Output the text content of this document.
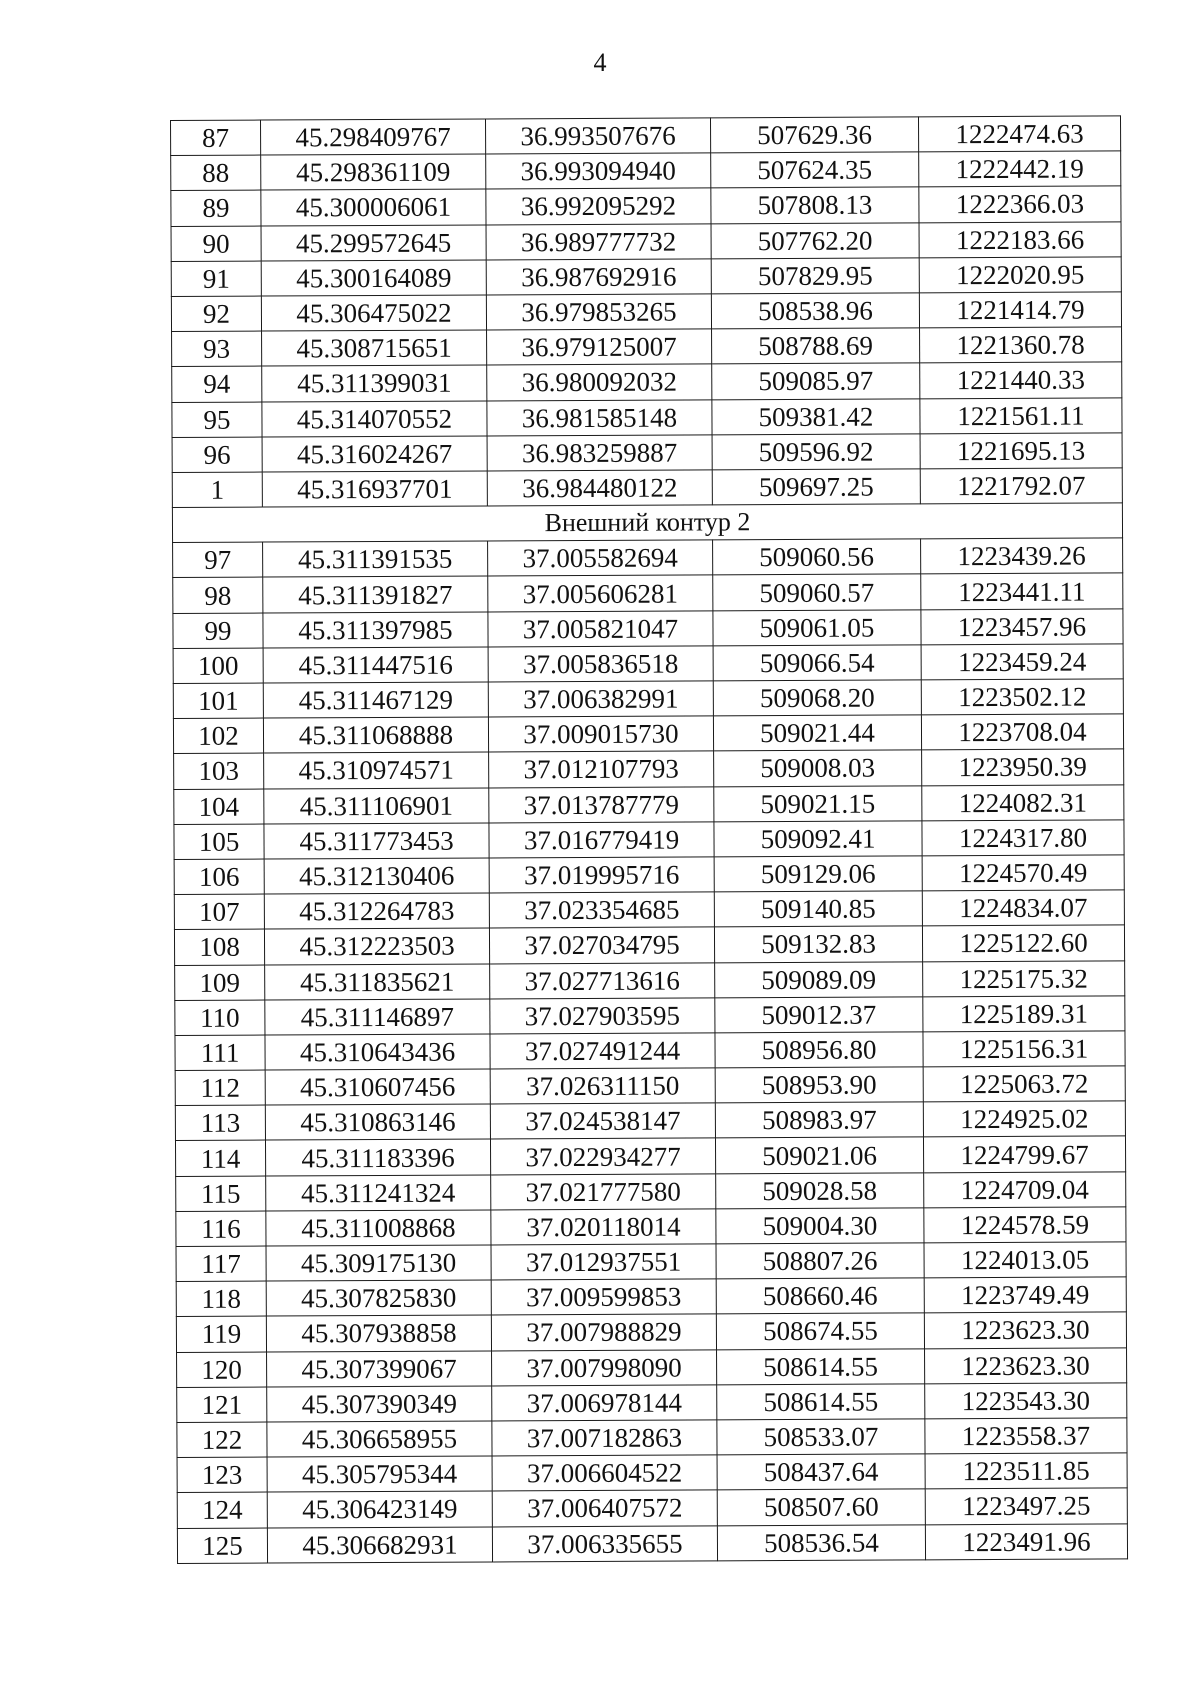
4
87	45.298409767	36.993507676	507629.36	1222474.63
88	45.298361109	36.993094940	507624.35	1222442.19
89	45.300006061	36.992095292	507808.13	1222366.03
90	45.299572645	36.989777732	507762.20	1222183.66
91	45.300164089	36.987692916	507829.95	1222020.95
92	45.306475022	36.979853265	508538.96	1221414.79
93	45.308715651	36.979125007	508788.69	1221360.78
94	45.311399031	36.980092032	509085.97	1221440.33
95	45.314070552	36.981585148	509381.42	1221561.11
96	45.316024267	36.983259887	509596.92	1221695.13
1	45.316937701	36.984480122	509697.25	1221792.07
Внешний контур 2				
97	45.311391535	37.005582694	509060.56	1223439.26
98	45.311391827	37.005606281	509060.57	1223441.11
99	45.311397985	37.005821047	509061.05	1223457.96
100	45.311447516	37.005836518	509066.54	1223459.24
101	45.311467129	37.006382991	509068.20	1223502.12
102	45.311068888	37.009015730	509021.44	1223708.04
103	45.310974571	37.012107793	509008.03	1223950.39
104	45.311106901	37.013787779	509021.15	1224082.31
105	45.311773453	37.016779419	509092.41	1224317.80
106	45.312130406	37.019995716	509129.06	1224570.49
107	45.312264783	37.023354685	509140.85	1224834.07
108	45.312223503	37.027034795	509132.83	1225122.60
109	45.311835621	37.027713616	509089.09	1225175.32
110	45.311146897	37.027903595	509012.37	1225189.31
111	45.310643436	37.027491244	508956.80	1225156.31
112	45.310607456	37.026311150	508953.90	1225063.72
113	45.310863146	37.024538147	508983.97	1224925.02
114	45.311183396	37.022934277	509021.06	1224799.67
115	45.311241324	37.021777580	509028.58	1224709.04
116	45.311008868	37.020118014	509004.30	1224578.59
117	45.309175130	37.012937551	508807.26	1224013.05
118	45.307825830	37.009599853	508660.46	1223749.49
119	45.307938858	37.007988829	508674.55	1223623.30
120	45.307399067	37.007998090	508614.55	1223623.30
121	45.307390349	37.006978144	508614.55	1223543.30
122	45.306658955	37.007182863	508533.07	1223558.37
123	45.305795344	37.006604522	508437.64	1223511.85
124	45.306423149	37.006407572	508507.60	1223497.25
125	45.306682931	37.006335655	508536.54	1223491.96
